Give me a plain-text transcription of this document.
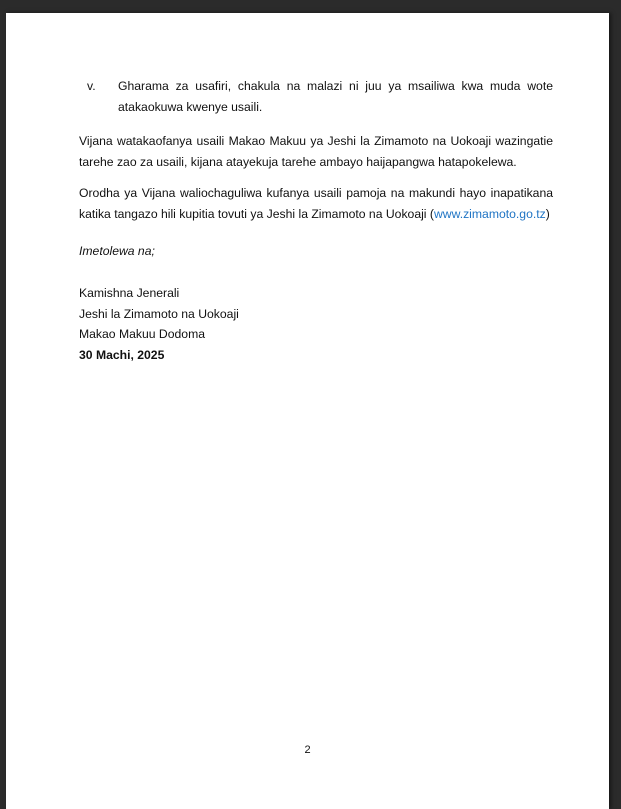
v. Gharama za usafiri, chakula na malazi ni juu ya msailiwa kwa muda wote atakaokuwa kwenye usaili.
Vijana watakaofanya usaili Makao Makuu ya Jeshi la Zimamoto na Uokoaji wazingatie tarehe zao za usaili, kijana atayekuja tarehe ambayo haijapangwa hatapokelewa.
Orodha ya Vijana waliochaguliwa kufanya usaili pamoja na makundi hayo inapatikana katika tangazo hili kupitia tovuti ya Jeshi la Zimamoto na Uokoaji (www.zimamoto.go.tz)
Imetolewa na;
Kamishna Jenerali
Jeshi la Zimamoto na Uokoaji
Makao Makuu Dodoma
30 Machi, 2025
2
